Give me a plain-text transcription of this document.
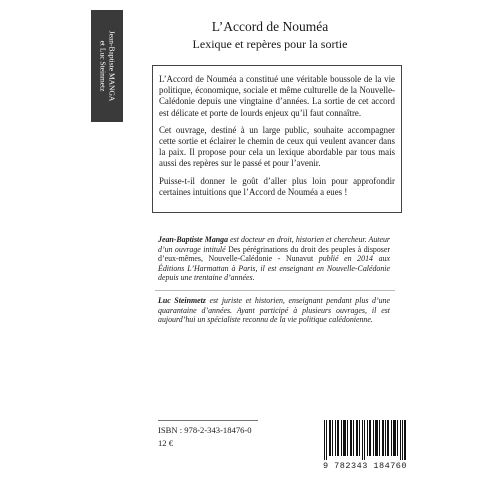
Jean-Baptiste MANGA
et Luc Steinmetz
L’Accord de Nouméa
Lexique et repères pour la sortie

L’Accord de Nouméa a constitué une véritable boussole de la vie politique, économique, sociale et même culturelle de la Nouvelle-Calédonie depuis une vingtaine d’années. La sortie de cet accord est délicate et porte de lourds enjeux qu’il faut connaître.

Cet ouvrage, destiné à un large public, souhaite accompagner cette sortie et éclairer le chemin de ceux qui veulent avancer dans la paix. Il propose pour cela un lexique abordable par tous mais aussi des repères sur le passé et pour l’avenir.

Puisse-t-il donner le goût d’aller plus loin pour approfondir certaines intuitions que l’Accord de Nouméa a eues !

Jean-Baptiste Manga est docteur en droit, historien et chercheur. Auteur d’un ouvrage intitulé Des pérégrinations du droit des peuples à disposer d’eux-mêmes, Nouvelle-Calédonie - Nunavut publié en 2014 aux Éditions L’Harmattan à Paris, il est enseignant en Nouvelle-Calédonie depuis une trentaine d’années.
Luc Steinmetz est juriste et historien, enseignant pendant plus d’une quarantaine d’années. Ayant participé à plusieurs ouvrages, il est aujourd’hui un spécialiste reconnu de la vie politique calédonienne.
ISBN : 978-2-343-18476-0
12 €
9 782343 184760
